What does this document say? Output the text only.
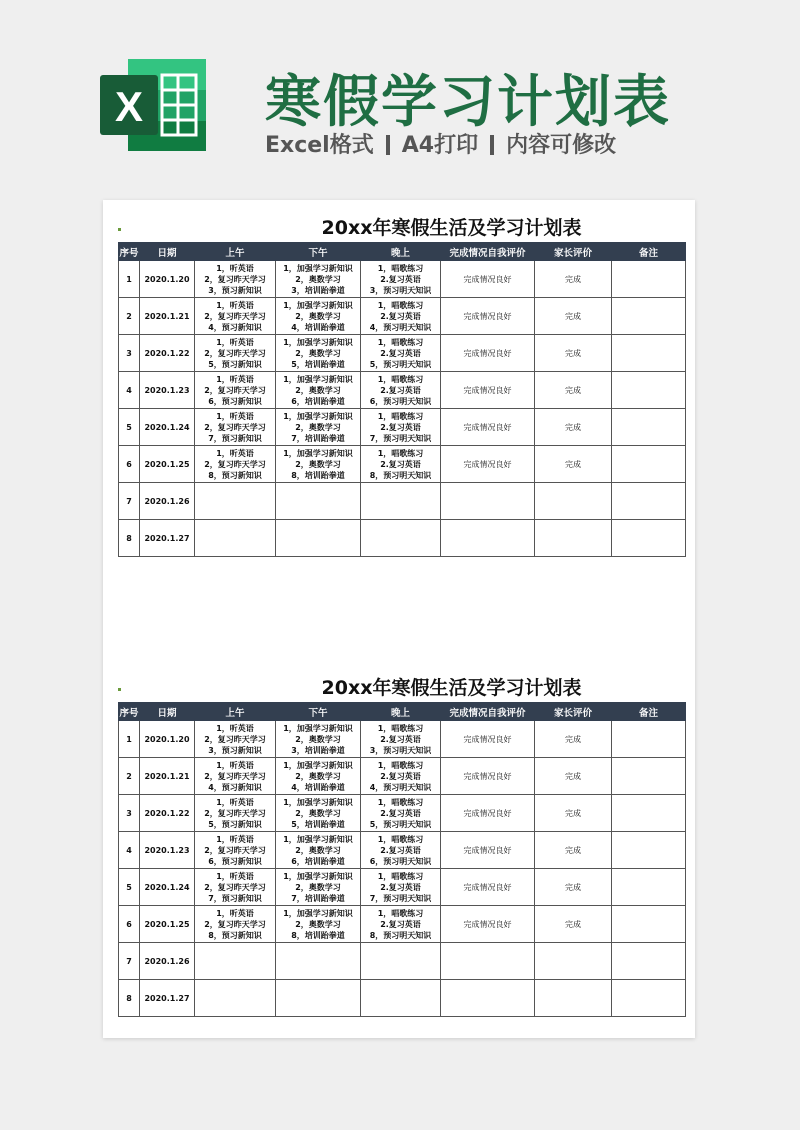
X 寒假学习计划表
Excel格式 A4打印 内容可修改
20xx年寒假生活及学习计划表
序号	日期	上午	下午	晚上	完成情况自我评价	家长评价	备注
1	2020.1.20	1，听英语
2，复习昨天学习
3，预习新知识	1，加强学习新知识
2，奥数学习
3，培训跆拳道	1，唱歌练习
2.复习英语
3，预习明天知识	完成情况良好	完成	
2	2020.1.21	1，听英语
2，复习昨天学习
4，预习新知识	1，加强学习新知识
2，奥数学习
4，培训跆拳道	1，唱歌练习
2.复习英语
4，预习明天知识	完成情况良好	完成	
3	2020.1.22	1，听英语
2，复习昨天学习
5，预习新知识	1，加强学习新知识
2，奥数学习
5，培训跆拳道	1，唱歌练习
2.复习英语
5，预习明天知识	完成情况良好	完成	
4	2020.1.23	1，听英语
2，复习昨天学习
6，预习新知识	1，加强学习新知识
2，奥数学习
6，培训跆拳道	1，唱歌练习
2.复习英语
6，预习明天知识	完成情况良好	完成	
5	2020.1.24	1，听英语
2，复习昨天学习
7，预习新知识	1，加强学习新知识
2，奥数学习
7，培训跆拳道	1，唱歌练习
2.复习英语
7，预习明天知识	完成情况良好	完成	
6	2020.1.25	1，听英语
2，复习昨天学习
8，预习新知识	1，加强学习新知识
2，奥数学习
8，培训跆拳道	1，唱歌练习
2.复习英语
8，预习明天知识	完成情况良好	完成	
7	2020.1.26						
8	2020.1.27						
20xx年寒假生活及学习计划表
序号	日期	上午	下午	晚上	完成情况自我评价	家长评价	备注
1	2020.1.20	1，听英语
2，复习昨天学习
3，预习新知识	1，加强学习新知识
2，奥数学习
3，培训跆拳道	1，唱歌练习
2.复习英语
3，预习明天知识	完成情况良好	完成	
2	2020.1.21	1，听英语
2，复习昨天学习
4，预习新知识	1，加强学习新知识
2，奥数学习
4，培训跆拳道	1，唱歌练习
2.复习英语
4，预习明天知识	完成情况良好	完成	
3	2020.1.22	1，听英语
2，复习昨天学习
5，预习新知识	1，加强学习新知识
2，奥数学习
5，培训跆拳道	1，唱歌练习
2.复习英语
5，预习明天知识	完成情况良好	完成	
4	2020.1.23	1，听英语
2，复习昨天学习
6，预习新知识	1，加强学习新知识
2，奥数学习
6，培训跆拳道	1，唱歌练习
2.复习英语
6，预习明天知识	完成情况良好	完成	
5	2020.1.24	1，听英语
2，复习昨天学习
7，预习新知识	1，加强学习新知识
2，奥数学习
7，培训跆拳道	1，唱歌练习
2.复习英语
7，预习明天知识	完成情况良好	完成	
6	2020.1.25	1，听英语
2，复习昨天学习
8，预习新知识	1，加强学习新知识
2，奥数学习
8，培训跆拳道	1，唱歌练习
2.复习英语
8，预习明天知识	完成情况良好	完成	
7	2020.1.26						
8	2020.1.27						
